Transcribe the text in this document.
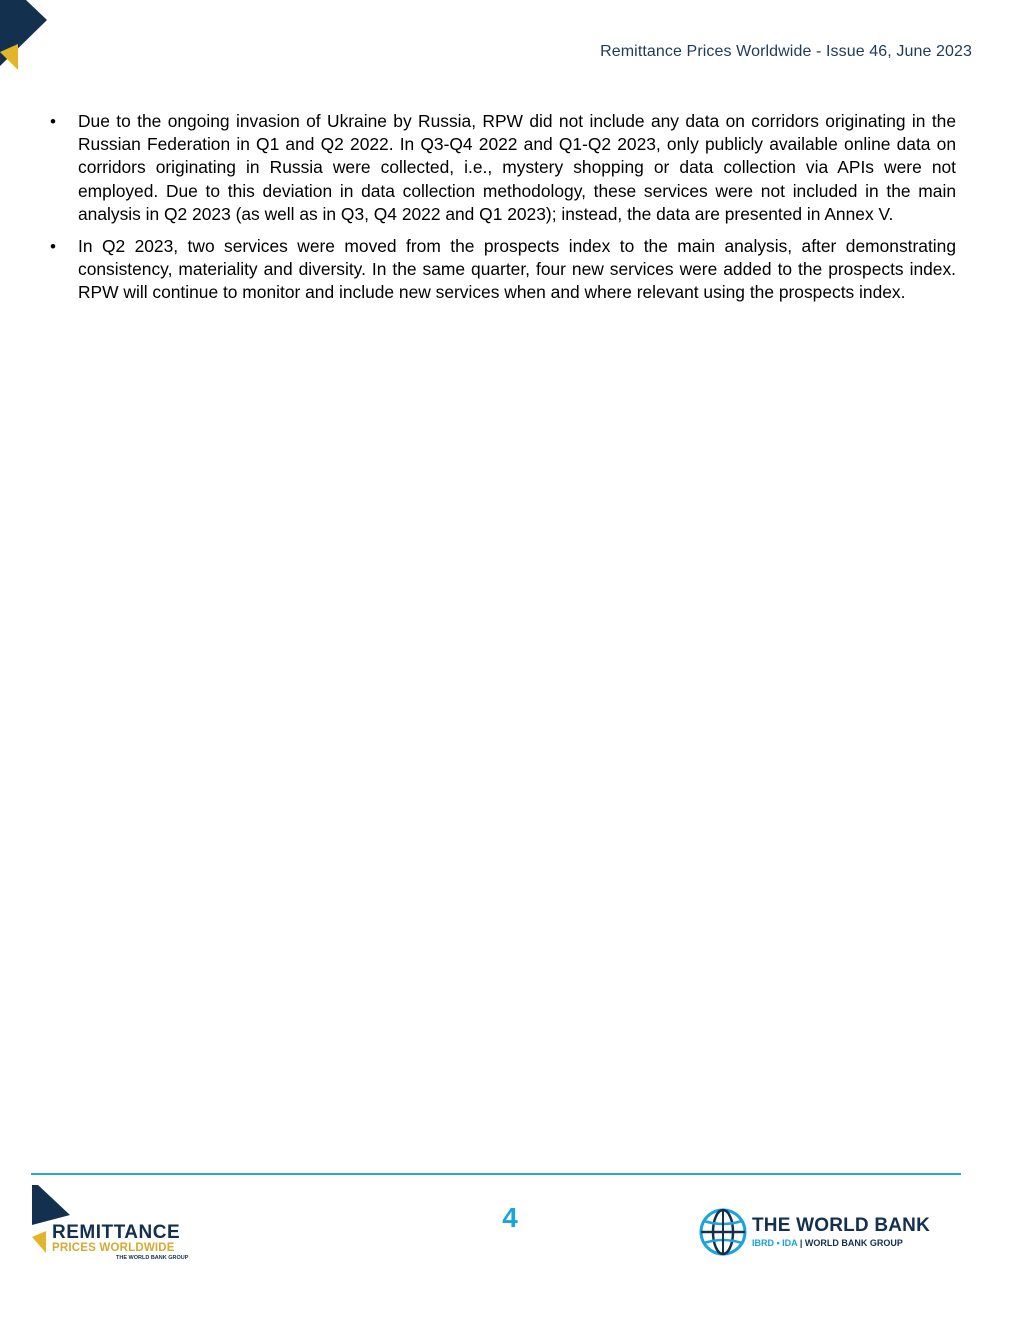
Remittance Prices Worldwide - Issue 46, June 2023
• Due to the ongoing invasion of Ukraine by Russia, RPW did not include any data on corridors originating in the Russian Federation in Q1 and Q2 2022. In Q3-Q4 2022 and Q1-Q2 2023, only publicly available online data on corridors originating in Russia were collected, i.e., mystery shopping or data collection via APIs were not employed. Due to this deviation in data collection methodology, these services were not included in the main analysis in Q2 2023 (as well as in Q3, Q4 2022 and Q1 2023); instead, the data are presented in Annex V.
• In Q2 2023, two services were moved from the prospects index to the main analysis, after demonstrating consistency, materiality and diversity. In the same quarter, four new services were added to the prospects index. RPW will continue to monitor and include new services when and where relevant using the prospects index.
REMITTANCE
PRICES WORLDWIDE
THE WORLD BANK GROUP
4	THE WORLD BANK
IBRD • IDA | WORLD BANK GROUP
